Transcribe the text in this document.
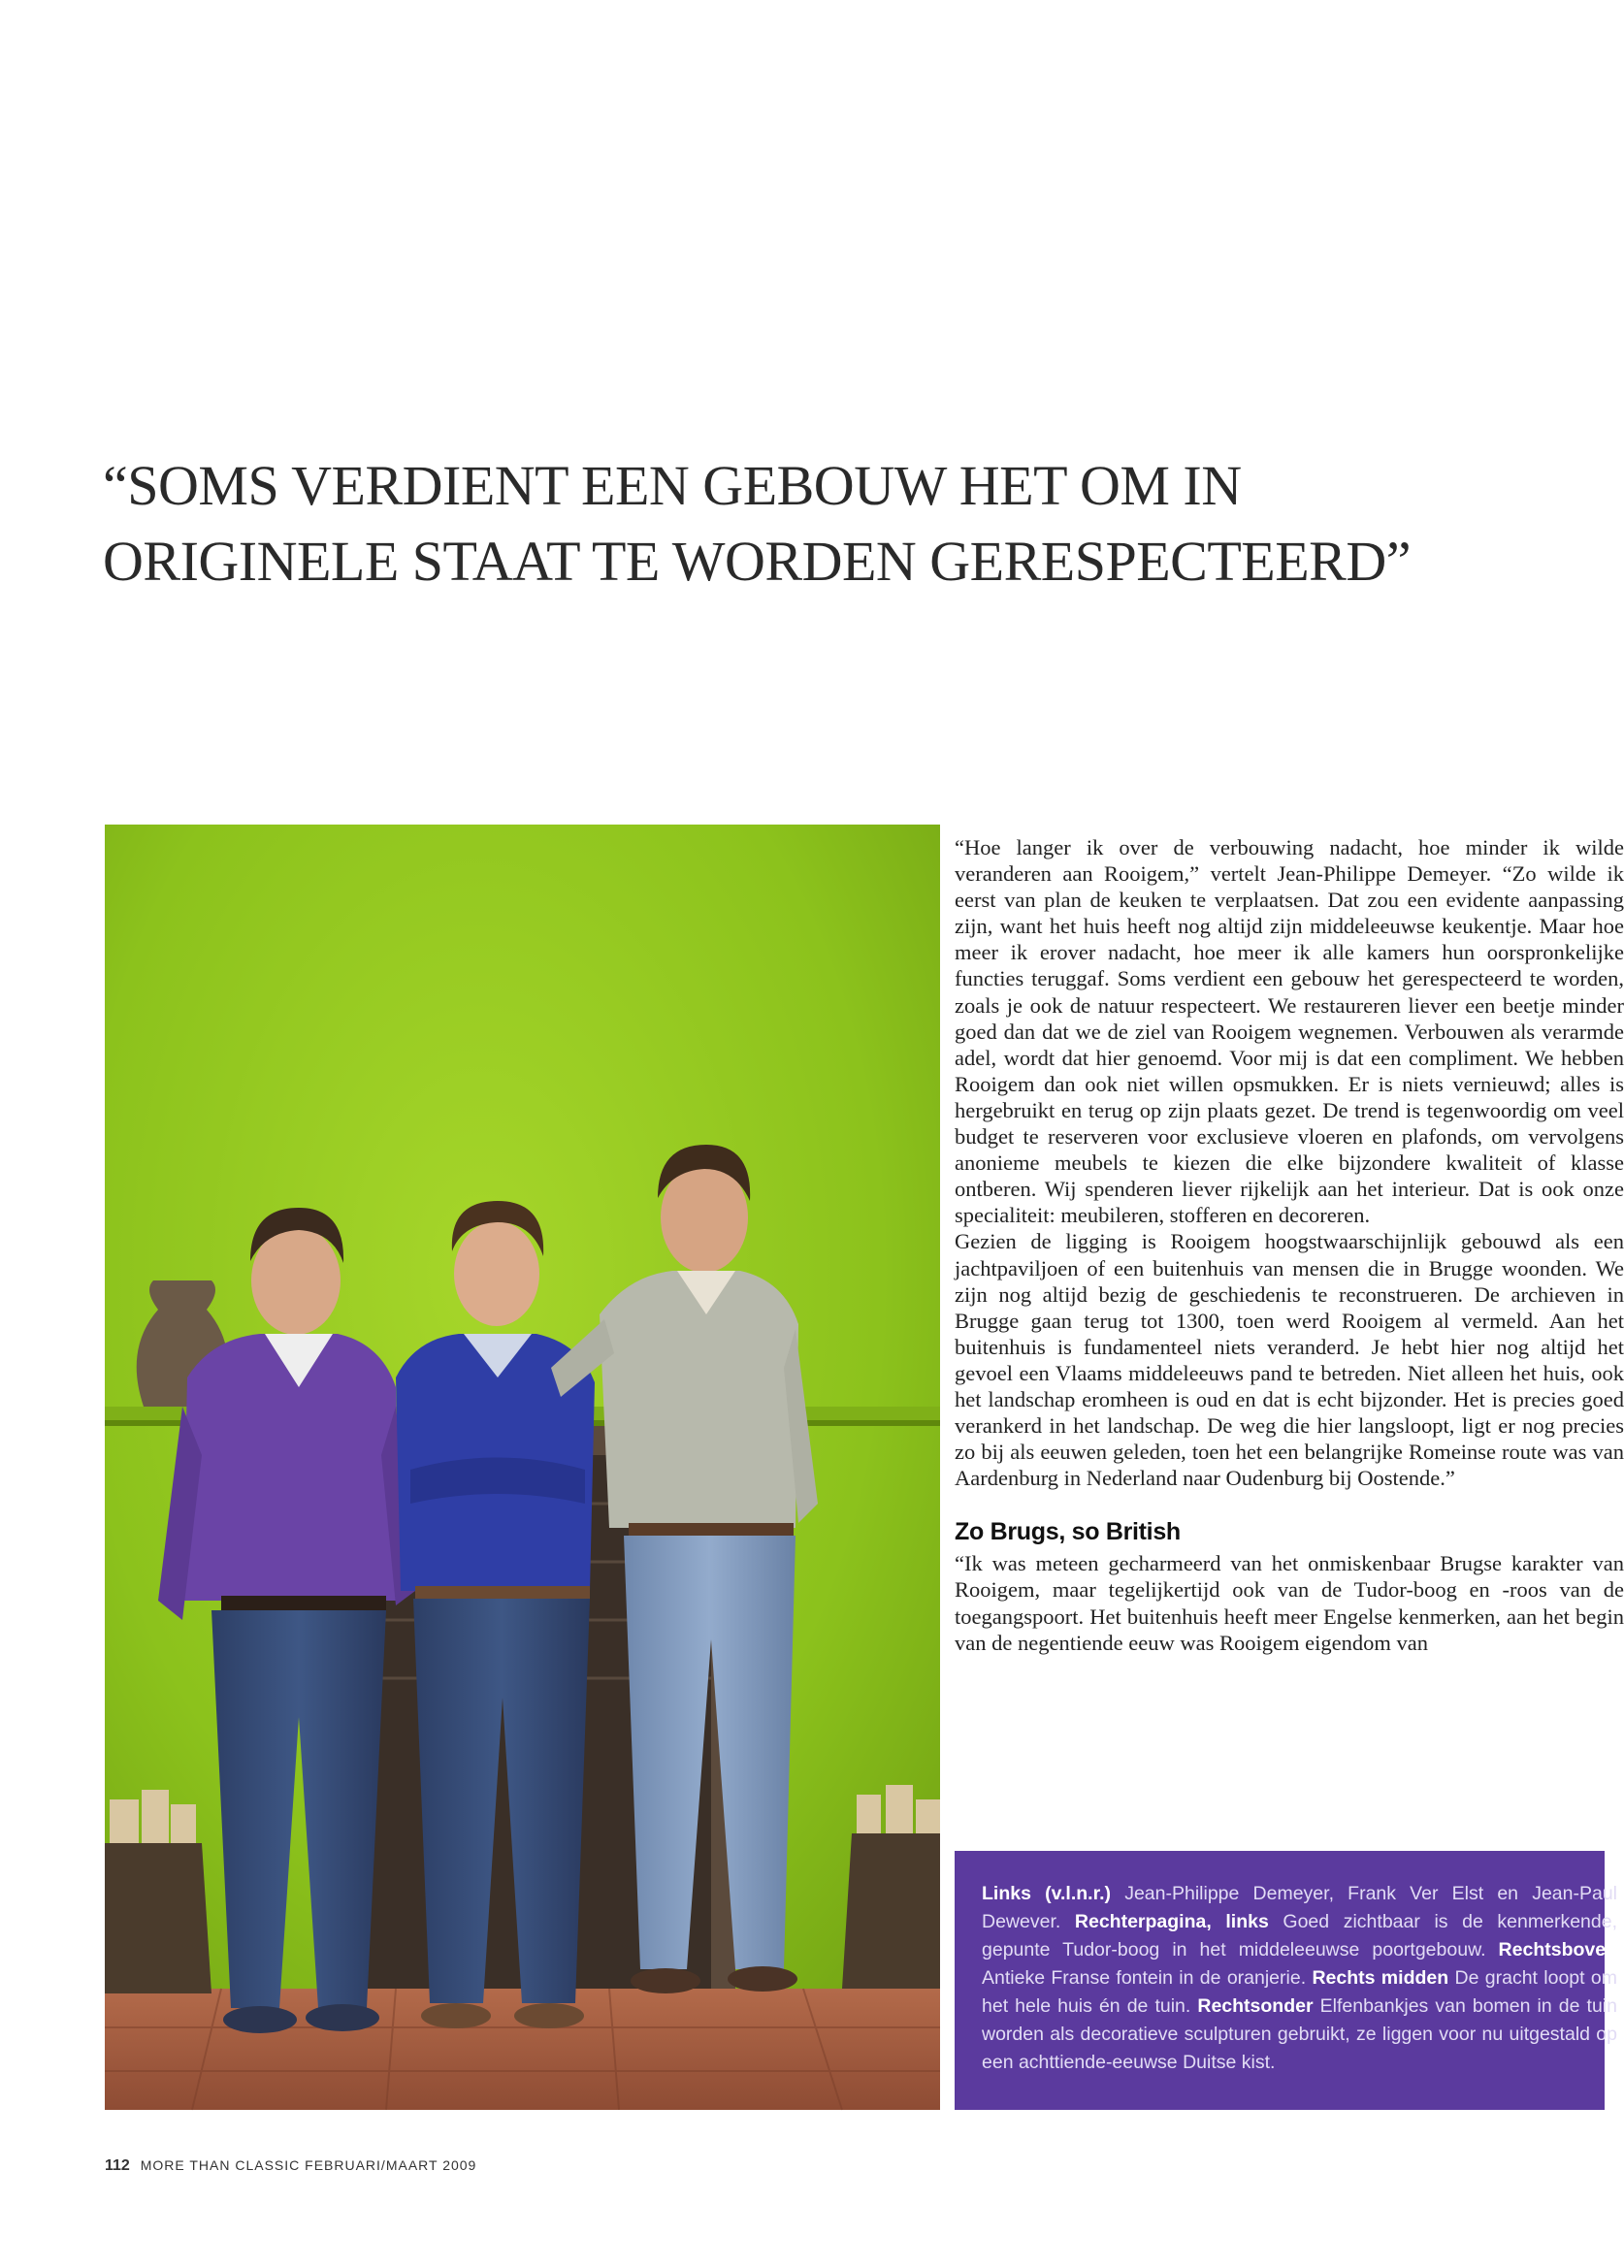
“SOMS VERDIENT EEN GEBOUW HET OM IN
ORIGINELE STAAT TE WORDEN GERESPECTEERD”

“Hoe langer ik over de verbouwing nadacht, hoe minder ik wilde veranderen aan Rooigem,” vertelt Jean-Philippe Demeyer. “Zo wilde ik eerst van plan de keuken te verplaatsen. Dat zou een evidente aanpassing zijn, want het huis heeft nog altijd zijn middeleeuwse keukentje. Maar hoe meer ik erover nadacht, hoe meer ik alle kamers hun oorspronkelijke functies teruggaf. Soms verdient een gebouw het gerespecteerd te worden, zoals je ook de natuur respecteert. We restaureren liever een beetje minder goed dan dat we de ziel van Rooigem wegnemen. Verbouwen als verarmde adel, wordt dat hier genoemd. Voor mij is dat een compliment. We hebben Rooigem dan ook niet willen opsmukken. Er is niets vernieuwd; alles is hergebruikt en terug op zijn plaats gezet. De trend is tegenwoordig om veel budget te reserveren voor exclusieve vloeren en plafonds, om vervolgens anonieme meubels te kiezen die elke bijzondere kwaliteit of klasse ontberen. Wij spenderen liever rijkelijk aan het interieur. Dat is ook onze specialiteit: meubileren, stofferen en decoreren.

Gezien de ligging is Rooigem hoogstwaarschijnlijk gebouwd als een jachtpaviljoen of een buitenhuis van mensen die in Brugge woonden. We zijn nog altijd bezig de geschiedenis te reconstrueren. De archieven in Brugge gaan terug tot 1300, toen werd Rooigem al vermeld. Aan het buitenhuis is fundamenteel niets veranderd. Je hebt hier nog altijd het gevoel een Vlaams middeleeuws pand te betreden. Niet alleen het huis, ook het landschap eromheen is oud en dat is echt bijzonder. Het is precies goed verankerd in het landschap. De weg die hier langsloopt, ligt er nog precies zo bij als eeuwen geleden, toen het een belangrijke Romeinse route was van Aardenburg in Nederland naar Oudenburg bij Oostende.”

Zo Brugs, so British

“Ik was meteen gecharmeerd van het onmiskenbaar Brugse karakter van Rooigem, maar tegelijkertijd ook van de Tudor-boog en -roos van de toegangspoort. Het buitenhuis heeft meer Engelse kenmerken, aan het begin van de negentiende eeuw was Rooigem eigendom van

Links (v.l.n.r.) Jean-Philippe Demeyer, Frank Ver Elst en Jean-Paul Dewever. Rechterpagina, links Goed zichtbaar is de kenmerkende, gepunte Tudor-boog in het middeleeuwse poortgebouw. Rechtsboven Antieke Franse fontein in de oranjerie. Rechts midden De gracht loopt om het hele huis én de tuin. Rechtsonder Elfenbankjes van bomen in de tuin worden als decoratieve sculpturen gebruikt, ze liggen voor nu uitgestald op een achttiende-eeuwse Duitse kist.
112 MORE THAN CLASSIC FEBRUARI/MAART 2009
